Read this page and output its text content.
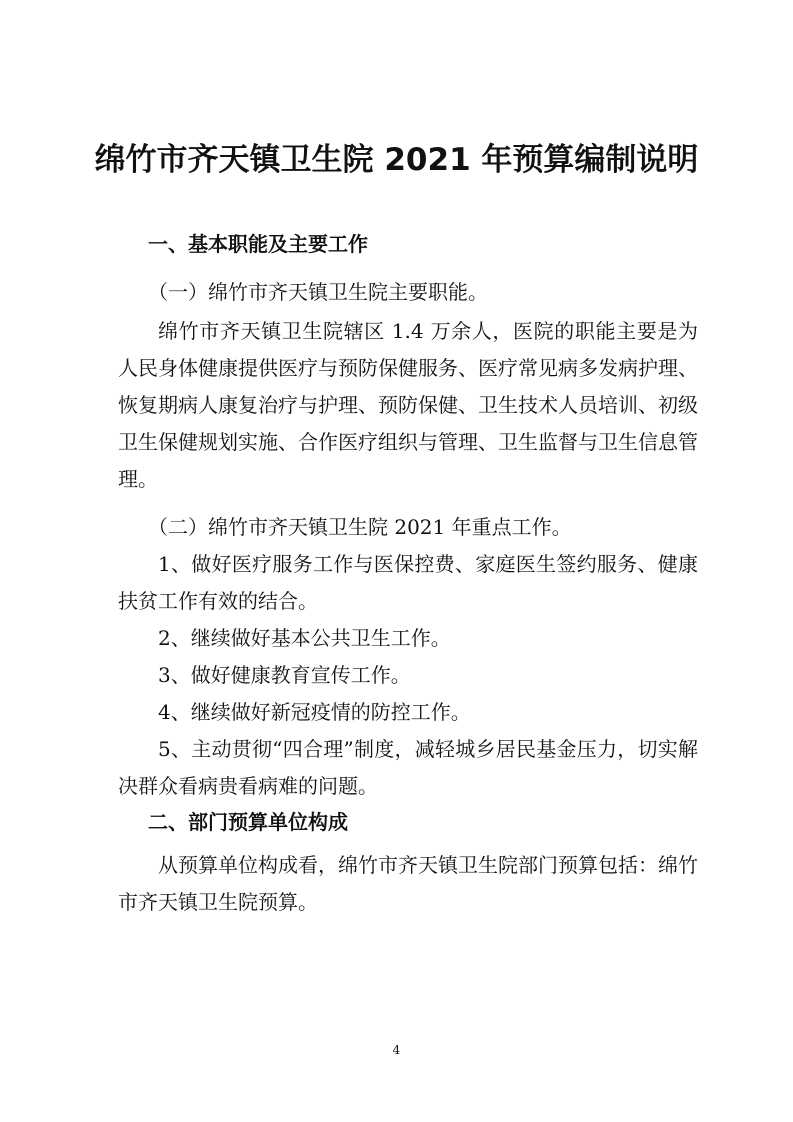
绵竹市齐天镇卫生院 2021 年预算编制说明
一、基本职能及主要工作

（一）绵竹市齐天镇卫生院主要职能。

绵竹市齐天镇卫生院辖区 1.4 万余人，医院的职能主要是为人民身体健康提供医疗与预防保健服务、医疗常见病多发病护理、恢复期病人康复治疗与护理、预防保健、卫生技术人员培训、初级卫生保健规划实施、合作医疗组织与管理、卫生监督与卫生信息管理。

（二）绵竹市齐天镇卫生院 2021 年重点工作。

1、做好医疗服务工作与医保控费、家庭医生签约服务、健康扶贫工作有效的结合。

2、继续做好基本公共卫生工作。

3、做好健康教育宣传工作。

4、继续做好新冠疫情的防控工作。

5、主动贯彻“四合理”制度，减轻城乡居民基金压力，切实解决群众看病贵看病难的问题。

二、部门预算单位构成

从预算单位构成看，绵竹市齐天镇卫生院部门预算包括：绵竹市齐天镇卫生院预算。

4
